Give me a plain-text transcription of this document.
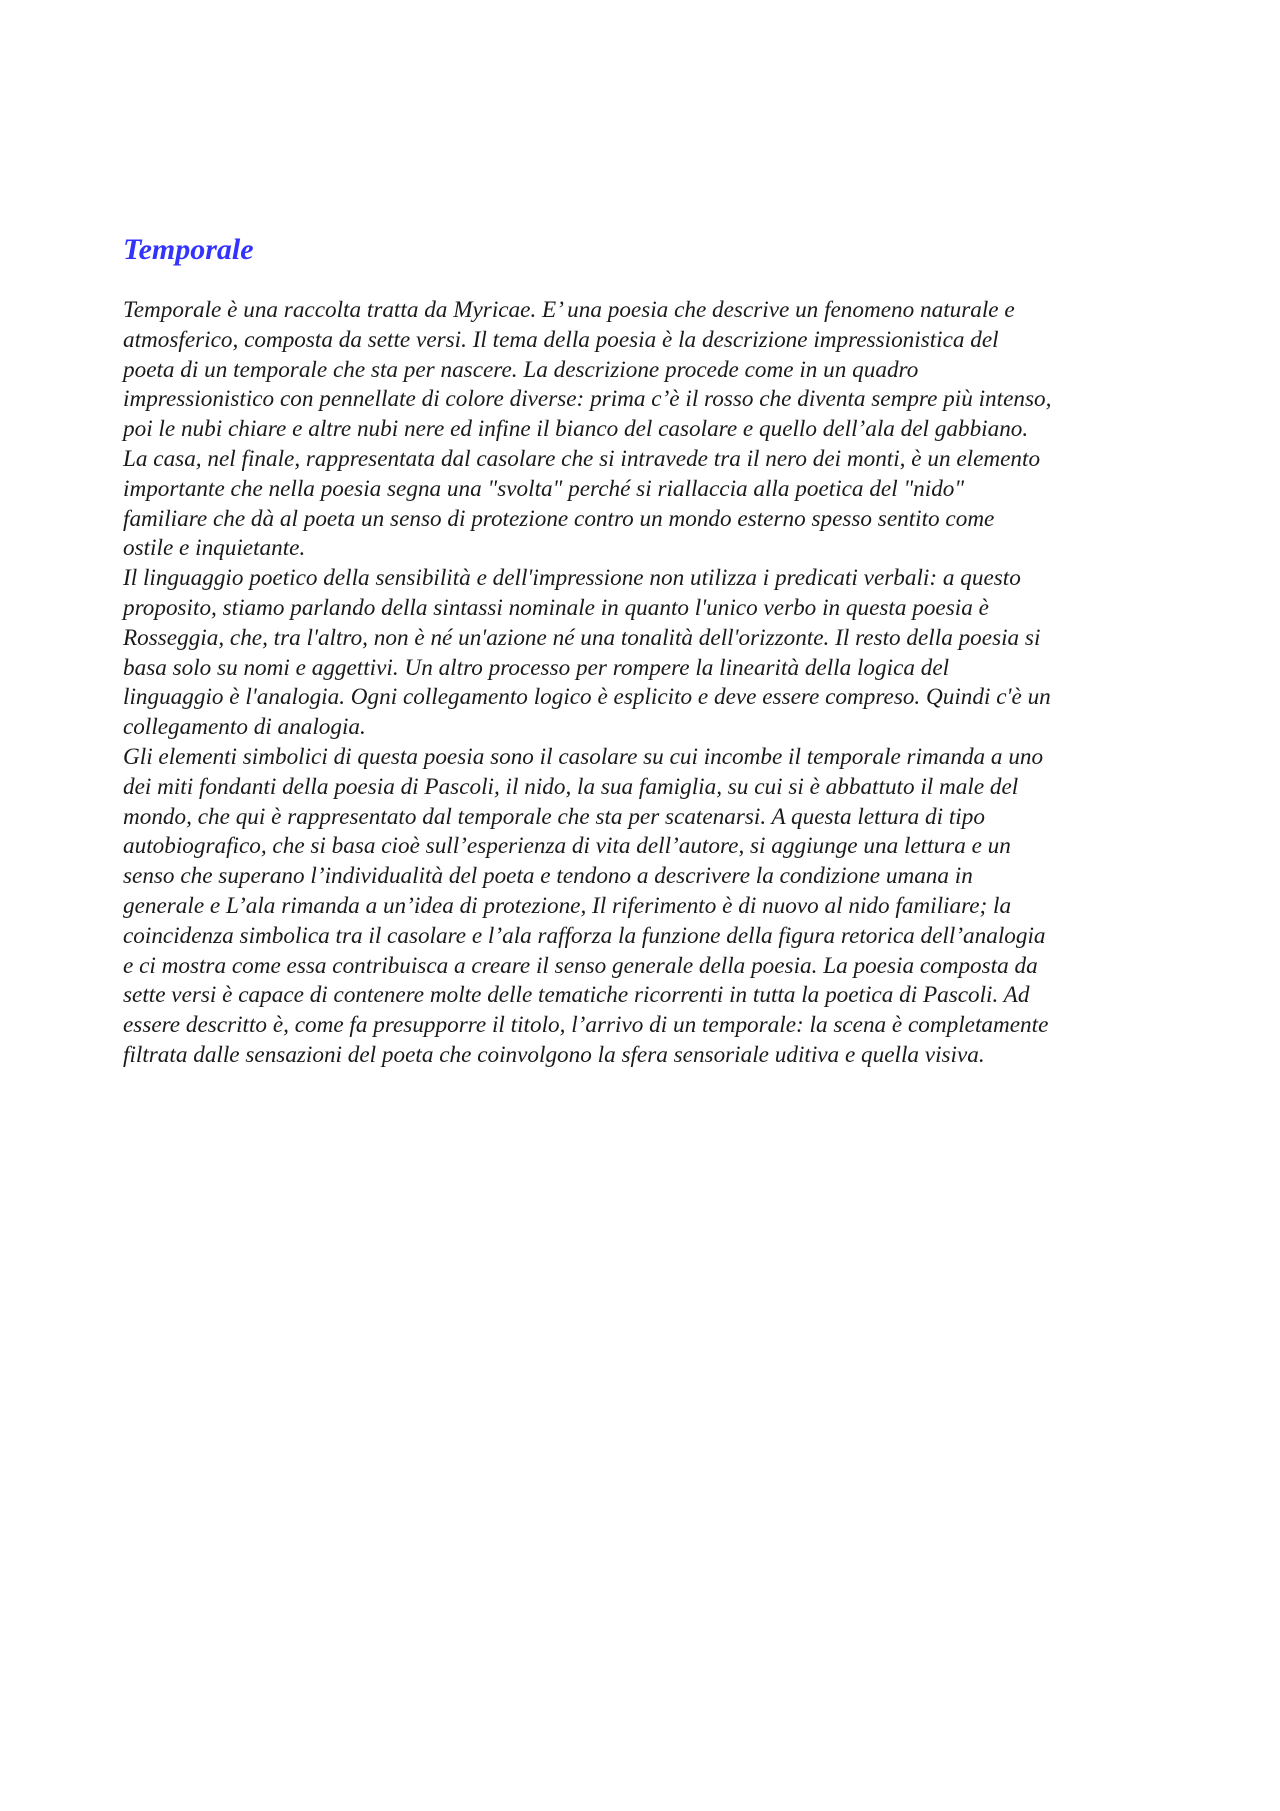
Temporale
Temporale è una raccolta tratta da Myricae. E’ una poesia che descrive un fenomeno naturale e
atmosferico, composta da sette versi. Il tema della poesia è la descrizione impressionistica del
poeta di un temporale che sta per nascere. La descrizione procede come in un quadro
impressionistico con pennellate di colore diverse: prima c’è il rosso che diventa sempre più intenso,
poi le nubi chiare e altre nubi nere ed infine il bianco del casolare e quello dell’ala del gabbiano.
La casa, nel finale, rappresentata dal casolare che si intravede tra il nero dei monti, è un elemento
importante che nella poesia segna una "svolta" perché si riallaccia alla poetica del "nido"
familiare che dà al poeta un senso di protezione contro un mondo esterno spesso sentito come
ostile e inquietante.
Il linguaggio poetico della sensibilità e dell'impressione non utilizza i predicati verbali: a questo
proposito, stiamo parlando della sintassi nominale in quanto l'unico verbo in questa poesia è
Rosseggia, che, tra l'altro, non è né un'azione né una tonalità dell'orizzonte. Il resto della poesia si
basa solo su nomi e aggettivi. Un altro processo per rompere la linearità della logica del
linguaggio è l'analogia. Ogni collegamento logico è esplicito e deve essere compreso. Quindi c'è un
collegamento di analogia.
Gli elementi simbolici di questa poesia sono il casolare su cui incombe il temporale rimanda a uno
dei miti fondanti della poesia di Pascoli, il nido, la sua famiglia, su cui si è abbattuto il male del
mondo, che qui è rappresentato dal temporale che sta per scatenarsi. A questa lettura di tipo
autobiografico, che si basa cioè sull’esperienza di vita dell’autore, si aggiunge una lettura e un
senso che superano l’individualità del poeta e tendono a descrivere la condizione umana in
generale e L’ala rimanda a un’idea di protezione, Il riferimento è di nuovo al nido familiare; la
coincidenza simbolica tra il casolare e l’ala rafforza la funzione della figura retorica dell’analogia
e ci mostra come essa contribuisca a creare il senso generale della poesia. La poesia composta da
sette versi è capace di contenere molte delle tematiche ricorrenti in tutta la poetica di Pascoli. Ad
essere descritto è, come fa presupporre il titolo, l’arrivo di un temporale: la scena è completamente
filtrata dalle sensazioni del poeta che coinvolgono la sfera sensoriale uditiva e quella visiva.
